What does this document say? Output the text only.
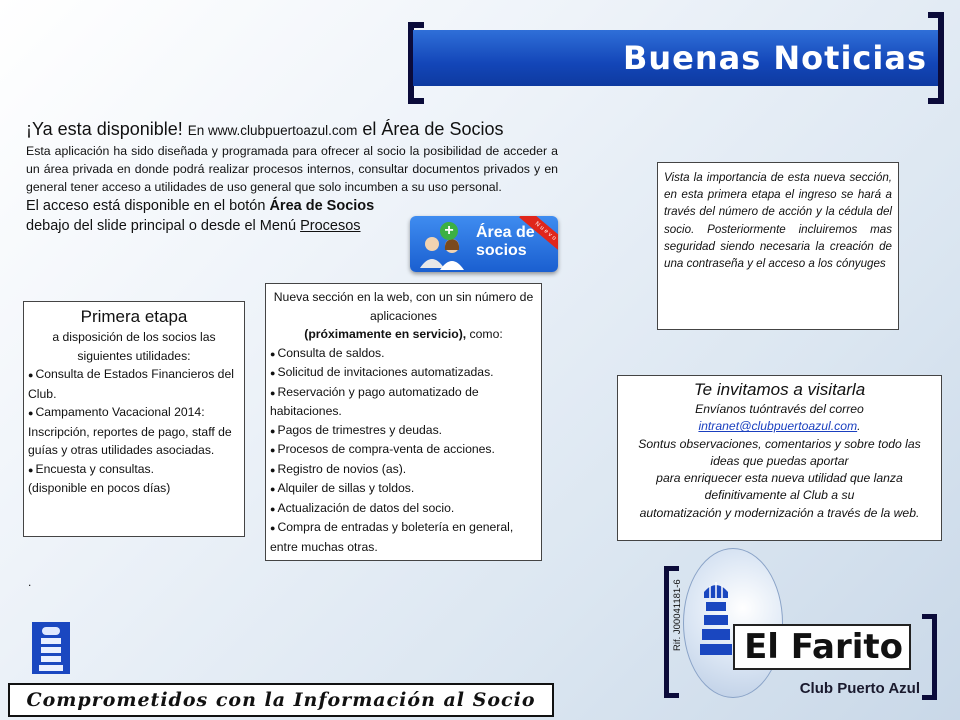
Buenas Noticias
¡Ya esta disponible! En www.clubpuertoazul.com el Área de Socios
Esta aplicación ha sido diseñada y programada para ofrecer al socio la posibilidad de acceder a un área privada en donde podrá realizar procesos internos, consultar documentos privados y en general tener acceso a utilidades de uso general que solo incumben a su uso personal.
El acceso está disponible en el botón Área de Socios debajo del slide principal o desde el Menú Procesos	+ Área de
socios
Nuevo
Primera etapa
a disposición de los socios las siguientes utilidades:
● Consulta de Estados Financieros del Club.
● Campamento Vacacional 2014: Inscripción, reportes de pago, staff de guías y otras utilidades asociadas.
● Encuesta y consultas.
(disponible en pocos días)
Nueva sección en la web, con un sin número de aplicaciones
(próximamente en servicio), como:
● Consulta de saldos.
● Solicitud de invitaciones automatizadas.
● Reservación y pago automatizado de habitaciones.
● Pagos de trimestres y deudas.
● Procesos de compra-venta de acciones.
● Registro de novios (as).
● Alquiler de sillas y toldos.
● Actualización de datos del socio.
● Compra de entradas y boletería en general, entre muchas otras.
Vista la importancia de esta nueva sección, en esta primera etapa el ingreso se hará a través del número de acción y la cédula del socio. Posteriormente incluiremos mas seguridad siendo necesaria la creación de una contraseña y el acceso a los cónyuges
Te invitamos a visitarla
Envíanos tuóntravés del correo
intranet@clubpuertoazul.com.
Sontus observaciones, comentarios y sobre todo las ideas que puedas aportar
para enriquecer esta nueva utilidad que lanza definitivamente al Club a su
automatización y modernización a través de la web.
.
Comprometidos con la Información al Socio
Rif. J00041181-6	El Farito
Club Puerto Azul
